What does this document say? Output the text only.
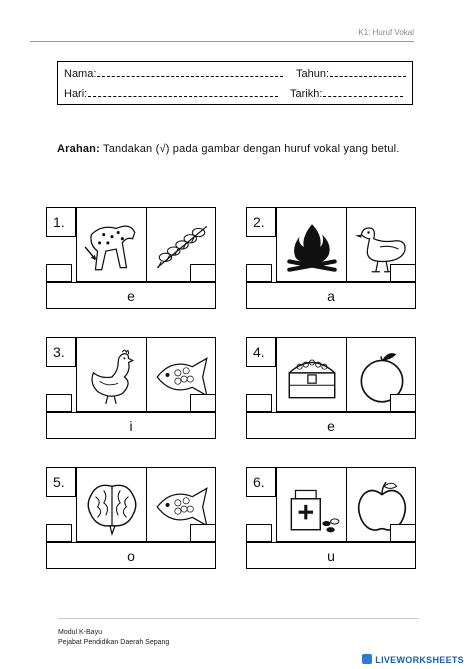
K1: Huruf Vokal
Nama:	Tahun:
Hari:	Tarikh:
Arahan: Tandakan (√) pada gambar dengan huruf vokal yang betul.
1.
e
2.
a
3.
i
4.
e
5.
o
6.
u
Modul K-Bayu
Pejabat Pendidikan Daerah Sepang
LIVEWORKSHEETS
